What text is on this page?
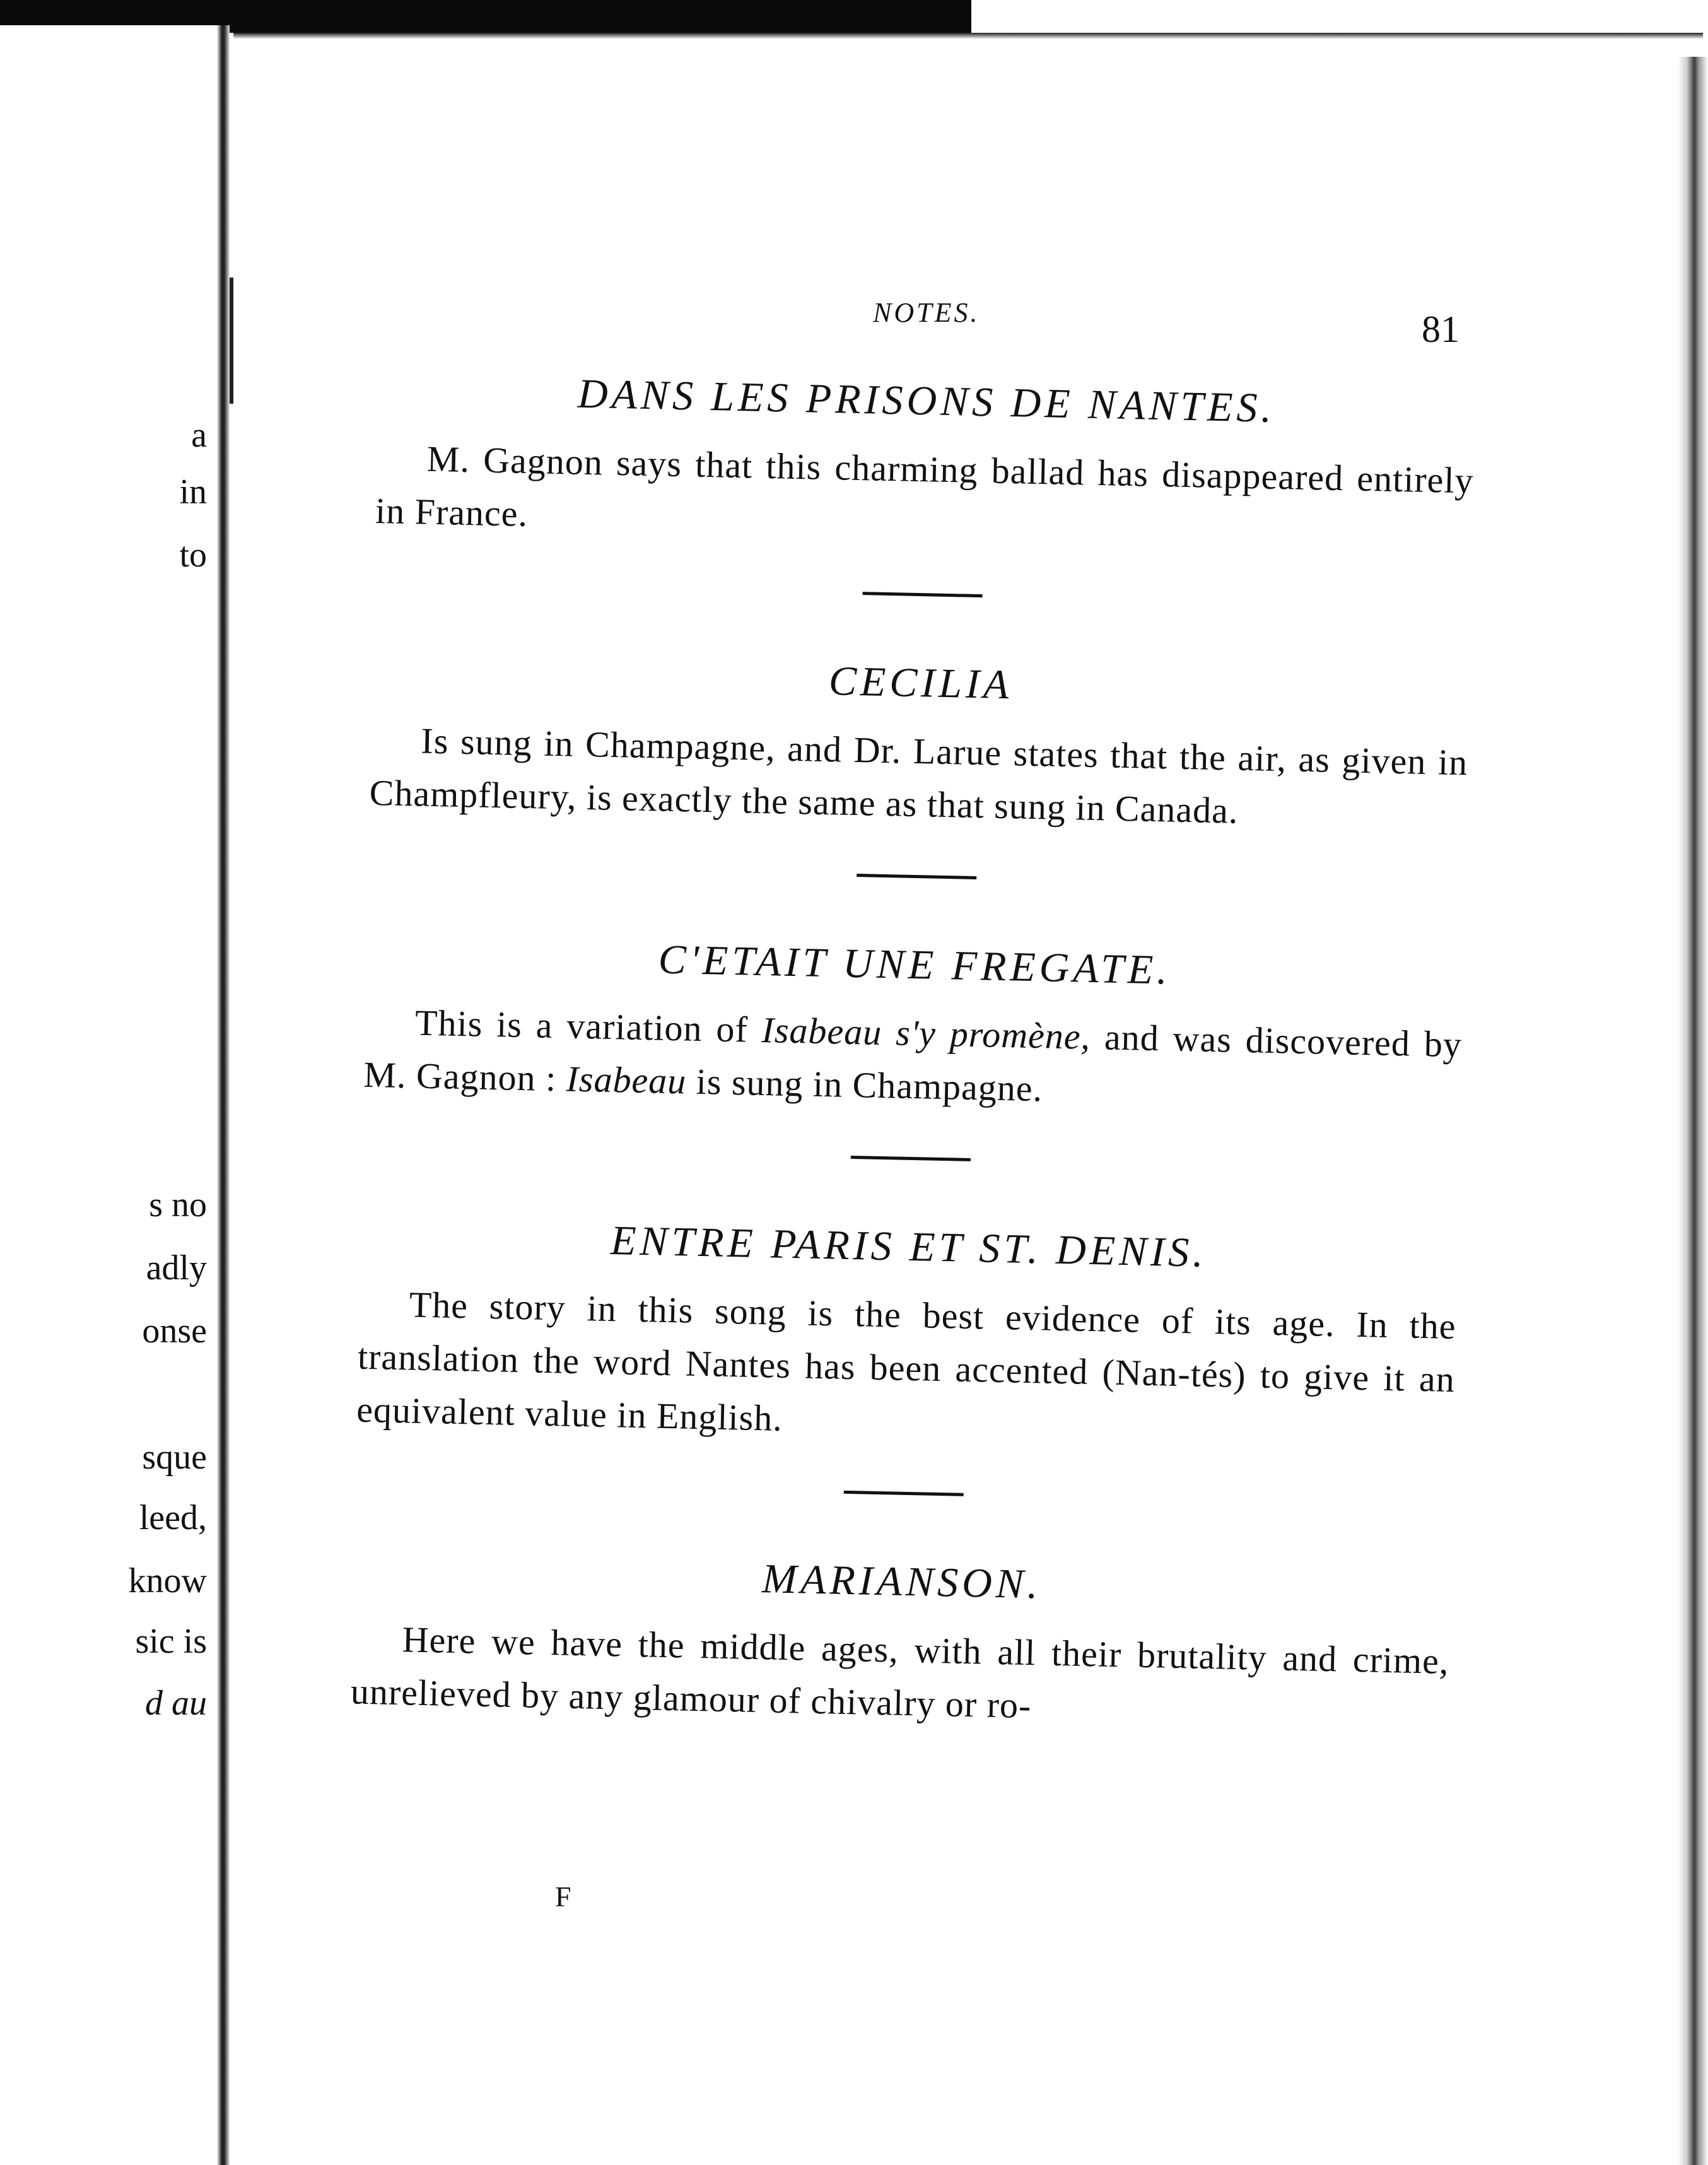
a
in
to
s no
adly
onse
sque
leed,
know
sic is
d au
NOTES.	81
DANS LES PRISONS DE NANTES.

M. Gagnon says that this charming ballad has disappeared entirely in France.

CECILIA

Is sung in Champagne, and Dr. Larue states that the air, as given in Champfleury, is exactly the same as that sung in Canada.

C'ETAIT UNE FREGATE.

This is a variation of Isabeau s'y promène, and was discovered by M. Gagnon : Isabeau is sung in Champagne.

ENTRE PARIS ET ST. DENIS.

The story in this song is the best evidence of its age. In the translation the word Nantes has been accented (Nan-tés) to give it an equivalent value in English.

MARIANSON.

Here we have the middle ages, with all their brutality and crime, unrelieved by any glamour of chivalry or ro-

F
